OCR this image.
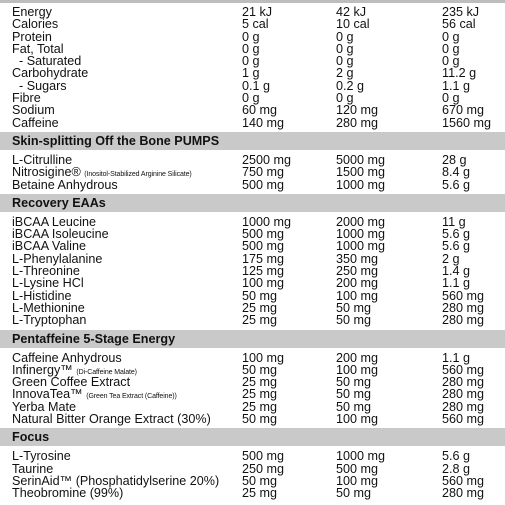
Energy	21 kJ	42 kJ	235 kJ
Calories	5 cal	10 cal	56 cal
Protein	0 g	0 g	0 g
Fat, Total	0 g	0 g	0 g
- Saturated	0 g	0 g	0 g
Carbohydrate	1 g	2 g	11.2 g
- Sugars	0.1 g	0.2 g	1.1 g
Fibre	0 g	0 g	0 g
Sodium	60 mg	120 mg	670 mg
Caffeine	140 mg	280 mg	1560 mg
Skin-splitting Off the Bone PUMPS
L-Citrulline	2500 mg	5000 mg	28 g
Nitrosigine® (Inositol-Stabilized Arginine Silicate)	750 mg	1500 mg	8.4 g
Betaine Anhydrous	500 mg	1000 mg	5.6 g
Recovery EAAs
iBCAA Leucine	1000 mg	2000 mg	11 g
iBCAA Isoleucine	500 mg	1000 mg	5.6 g
iBCAA Valine	500 mg	1000 mg	5.6 g
L-Phenylalanine	175 mg	350 mg	2 g
L-Threonine	125 mg	250 mg	1.4 g
L-Lysine HCl	100 mg	200 mg	1.1 g
L-Histidine	50 mg	100 mg	560 mg
L-Methionine	25 mg	50 mg	280 mg
L-Tryptophan	25 mg	50 mg	280 mg
Pentaffeine 5-Stage Energy
Caffeine Anhydrous	100 mg	200 mg	1.1 g
Infinergy™ (Di-Caffeine Malate)	50 mg	100 mg	560 mg
Green Coffee Extract	25 mg	50 mg	280 mg
InnovaTea™ (Green Tea Extract (Caffeine))	25 mg	50 mg	280 mg
Yerba Mate	25 mg	50 mg	280 mg
Natural Bitter Orange Extract (30%) 50 mg	100 mg	560 mg
Focus
L-Tyrosine	500 mg	1000 mg	5.6 g
Taurine	250 mg	500 mg	2.8 g
SerinAid™ (Phosphatidylserine 20%) 50 mg	100 mg	560 mg
Theobromine (99%)	25 mg	50 mg	280 mg
